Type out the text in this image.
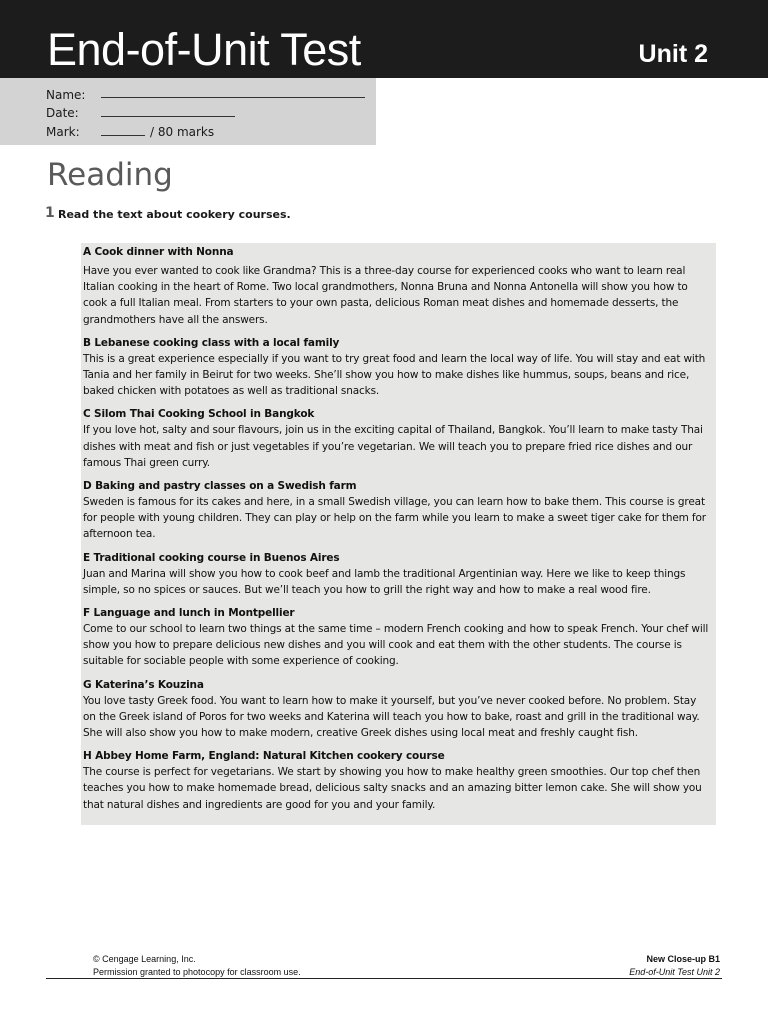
End-of-Unit Test	Unit 2
Name:
Date:
Mark:	/ 80 marks
Reading
1 Read the text about cookery courses.
A Cook dinner with Nonna
Have you ever wanted to cook like Grandma? This is a three-day course for experienced cooks who want to learn real Italian cooking in the heart of Rome. Two local grandmothers, Nonna Bruna and Nonna Antonella will show you how to cook a full Italian meal. From starters to your own pasta, delicious Roman meat dishes and homemade desserts, the grandmothers have all the answers.
B Lebanese cooking class with a local family
This is a great experience especially if you want to try great food and learn the local way of life. You will stay and eat with Tania and her family in Beirut for two weeks. She’ll show you how to make dishes like hummus, soups, beans and rice, baked chicken with potatoes as well as traditional snacks.
C Silom Thai Cooking School in Bangkok
If you love hot, salty and sour flavours, join us in the exciting capital of Thailand, Bangkok. You’ll learn to make tasty Thai dishes with meat and fish or just vegetables if you’re vegetarian. We will teach you to prepare fried rice dishes and our famous Thai green curry.
D Baking and pastry classes on a Swedish farm
Sweden is famous for its cakes and here, in a small Swedish village, you can learn how to bake them. This course is great for people with young children. They can play or help on the farm while you learn to make a sweet tiger cake for them for afternoon tea.
E Traditional cooking course in Buenos Aires
Juan and Marina will show you how to cook beef and lamb the traditional Argentinian way. Here we like to keep things simple, so no spices or sauces. But we’ll teach you how to grill the right way and how to make a real wood fire.
F Language and lunch in Montpellier
Come to our school to learn two things at the same time – modern French cooking and how to speak French. Your chef will show you how to prepare delicious new dishes and you will cook and eat them with the other students. The course is suitable for sociable people with some experience of cooking.
G Katerina’s Kouzina
You love tasty Greek food. You want to learn how to make it yourself, but you’ve never cooked before. No problem. Stay on the Greek island of Poros for two weeks and Katerina will teach you how to bake, roast and grill in the traditional way. She will also show you how to make modern, creative Greek dishes using local meat and freshly caught fish.
H Abbey Home Farm, England: Natural Kitchen cookery course
The course is perfect for vegetarians. We start by showing you how to make healthy green smoothies. Our top chef then teaches you how to make homemade bread, delicious salty snacks and an amazing bitter lemon cake. She will show you that natural dishes and ingredients are good for you and your family.
© Cengage Learning, Inc.
Permission granted to photocopy for classroom use.
New Close-up B1
End-of-Unit Test Unit 2
